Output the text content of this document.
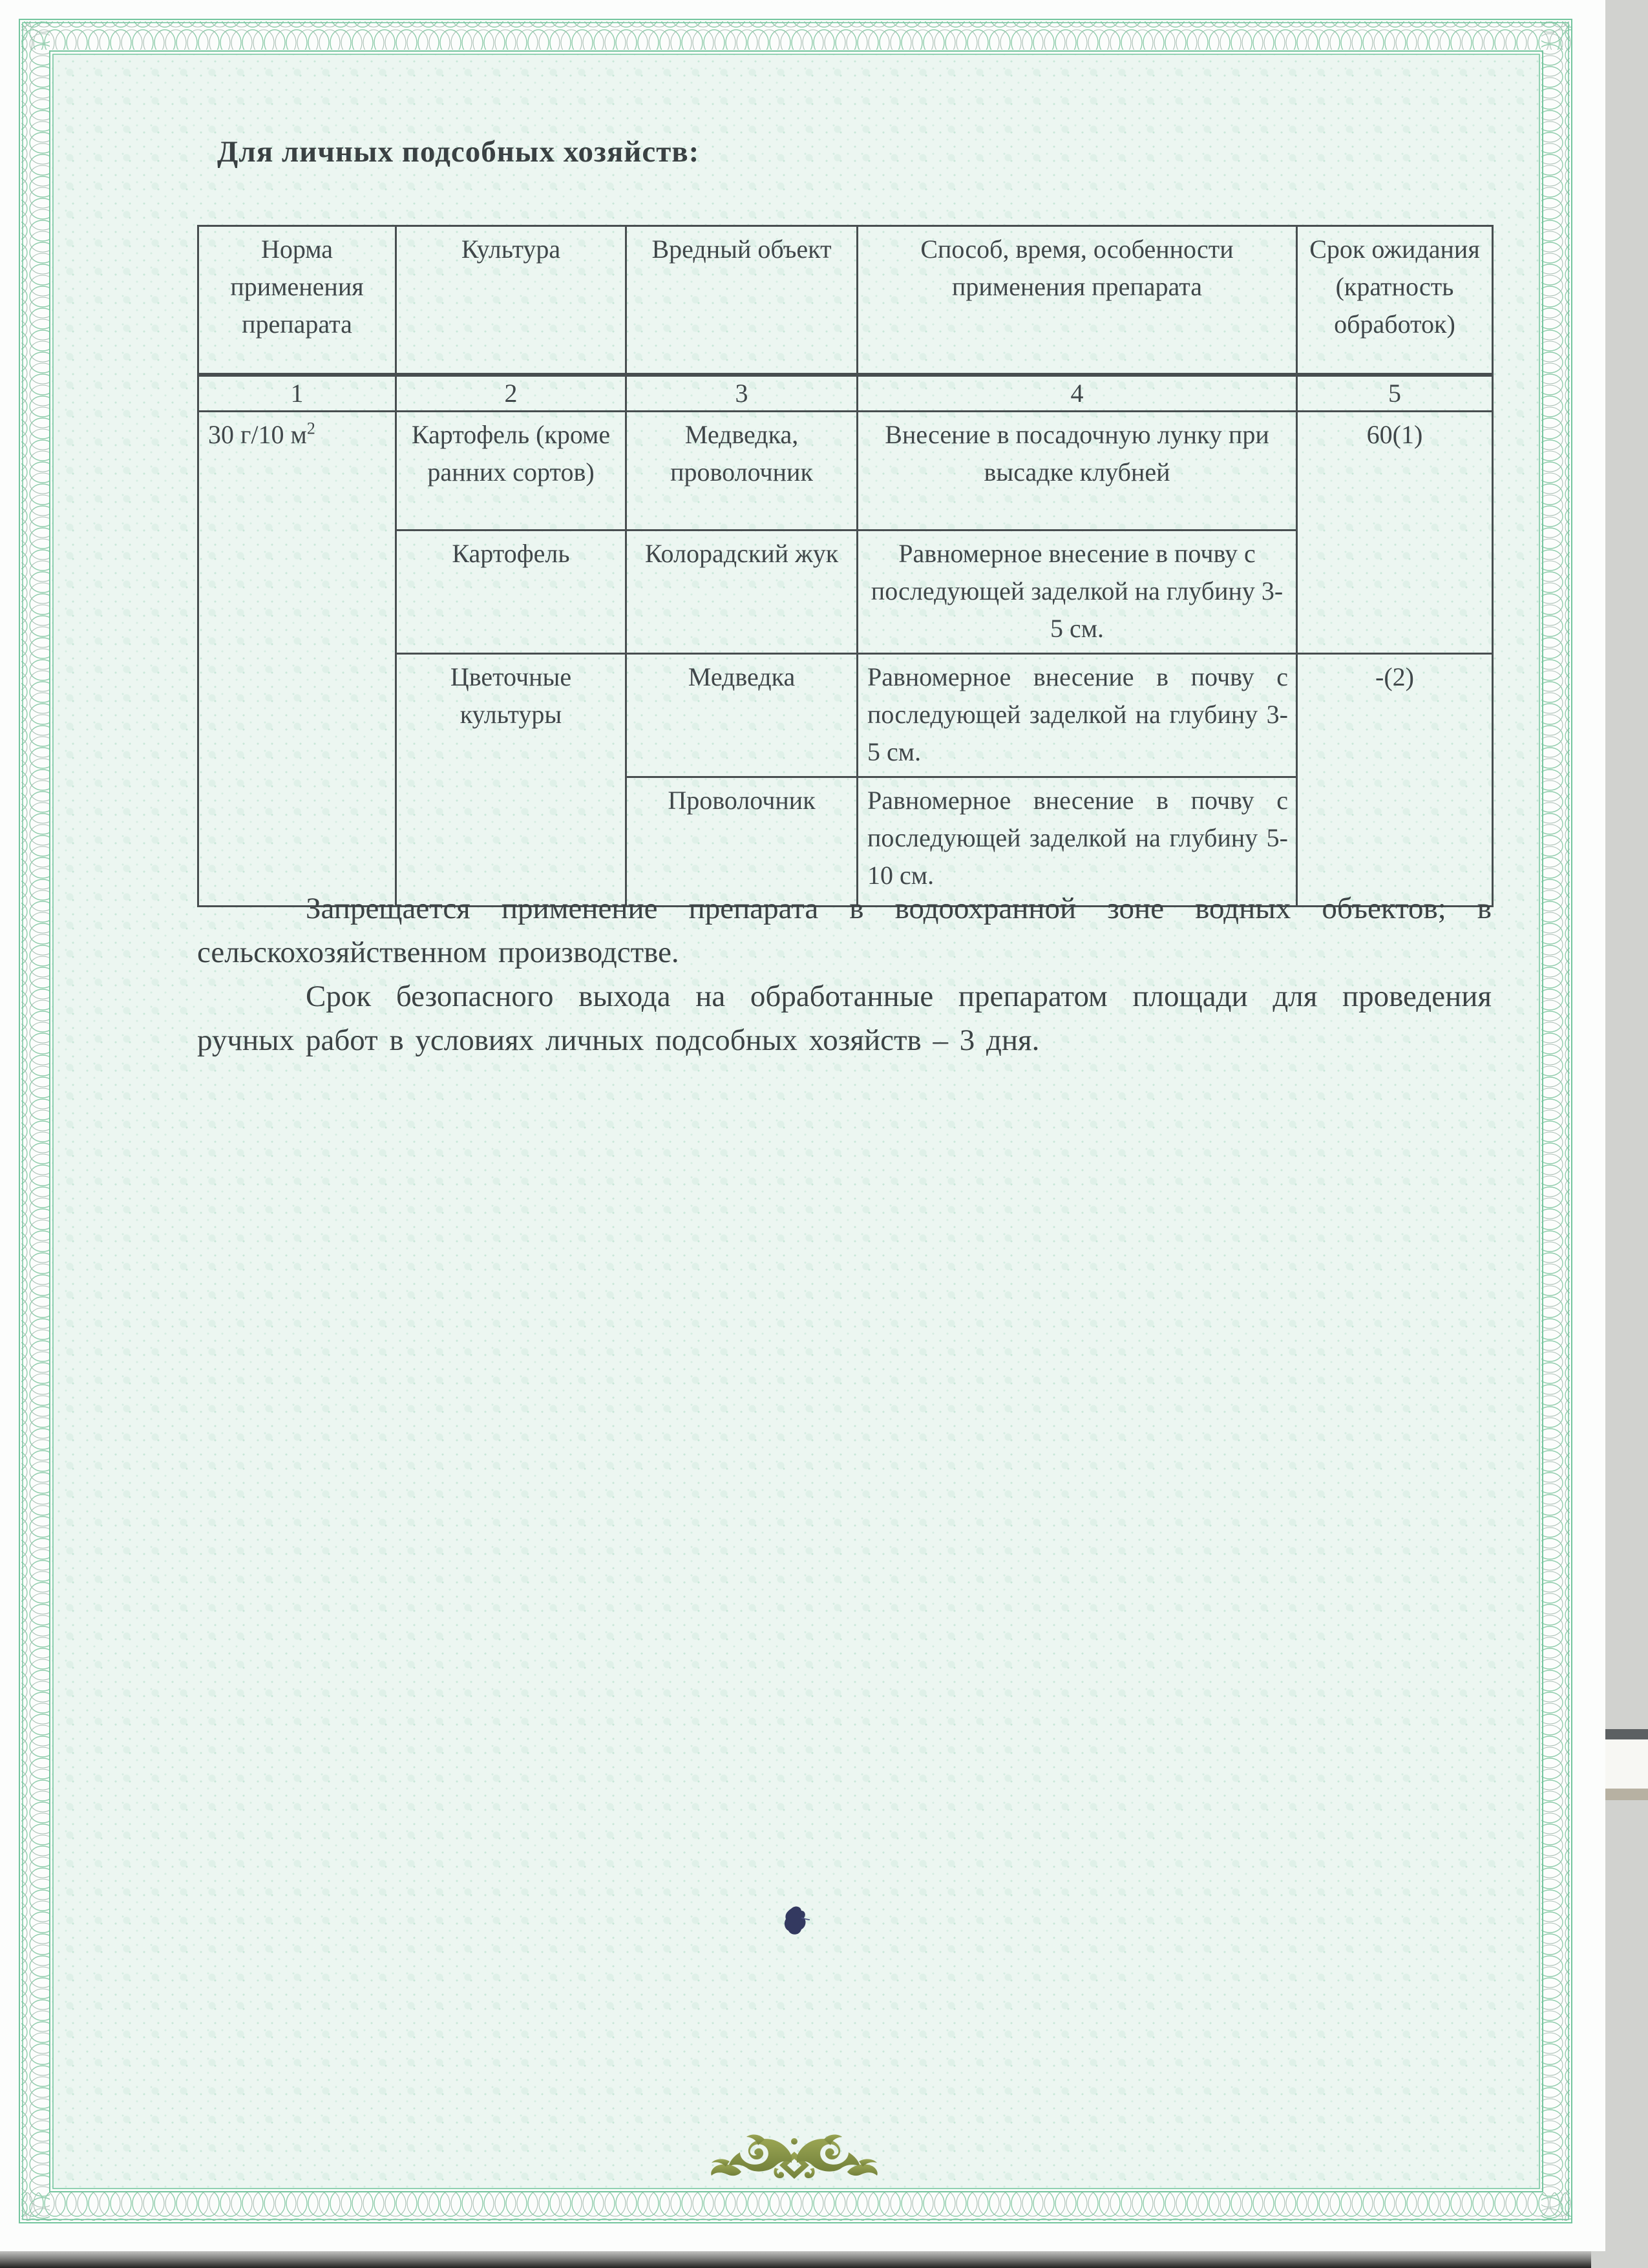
Для личных подсобных хозяйств:
Норма применения препарата	Культура	Вредный объект	Способ, время, особенности применения препарата	Срок ожидания (кратность обработок)
1	2	3	4	5
30 г/10 $м^2$	Картофель (кроме ранних сортов)	Медведка, проволочник	Внесение в посадочную лунку при высадке клубней	60(1)
	Картофель	Колорадский жук	Равномерное внесение в почву с последующей заделкой на глубину 3-5 см.	
	Цветочные культуры	Медведка	Равномерное внесение в почву с последующей заделкой на глубину 3-5 см.	-(2)
		Проволочник	Равномерное внесение в почву с последующей заделкой на глубину 5-10 см.	

Запрещается применение препарата в водоохранной зоне водных объектов; в сельскохозяйственном производстве.

Срок безопасного выхода на обработанные препаратом площади для проведения ручных работ в условиях личных подсобных хозяйств – 3 дня.
